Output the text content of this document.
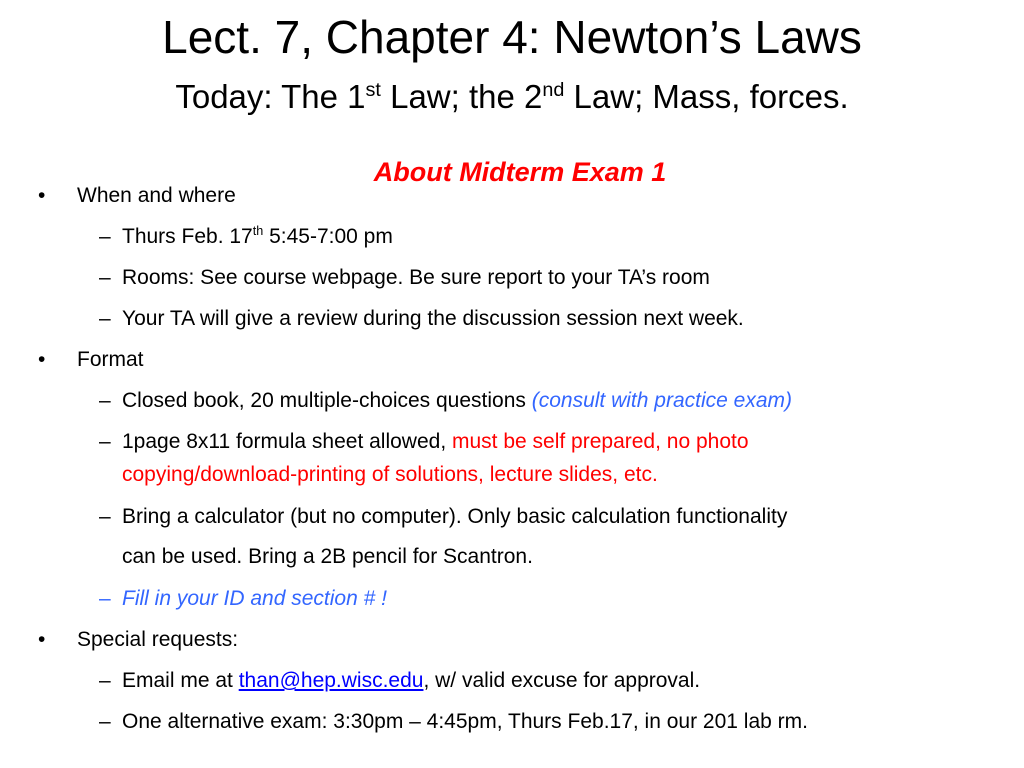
Lect. 7, Chapter 4: Newton’s Laws
Today: The 1st Law; the 2nd Law; Mass, forces.
About Midterm Exam 1
• When and where
– Thurs Feb. 17th 5:45-7:00 pm
– Rooms: See course webpage. Be sure report to your TA’s room
– Your TA will give a review during the discussion session next week.
• Format
– Closed book, 20 multiple-choices questions (consult with practice exam)
– 1page 8x11 formula sheet allowed, must be self prepared, no photo
copying/download-printing of solutions, lecture slides, etc.
– Bring a calculator (but no computer). Only basic calculation functionality
can be used. Bring a 2B pencil for Scantron.
– Fill in your ID and section # !
• Special requests:
– Email me at than@hep.wisc.edu, w/ valid excuse for approval.
– One alternative exam: 3:30pm – 4:45pm, Thurs Feb.17, in our 201 lab rm.
